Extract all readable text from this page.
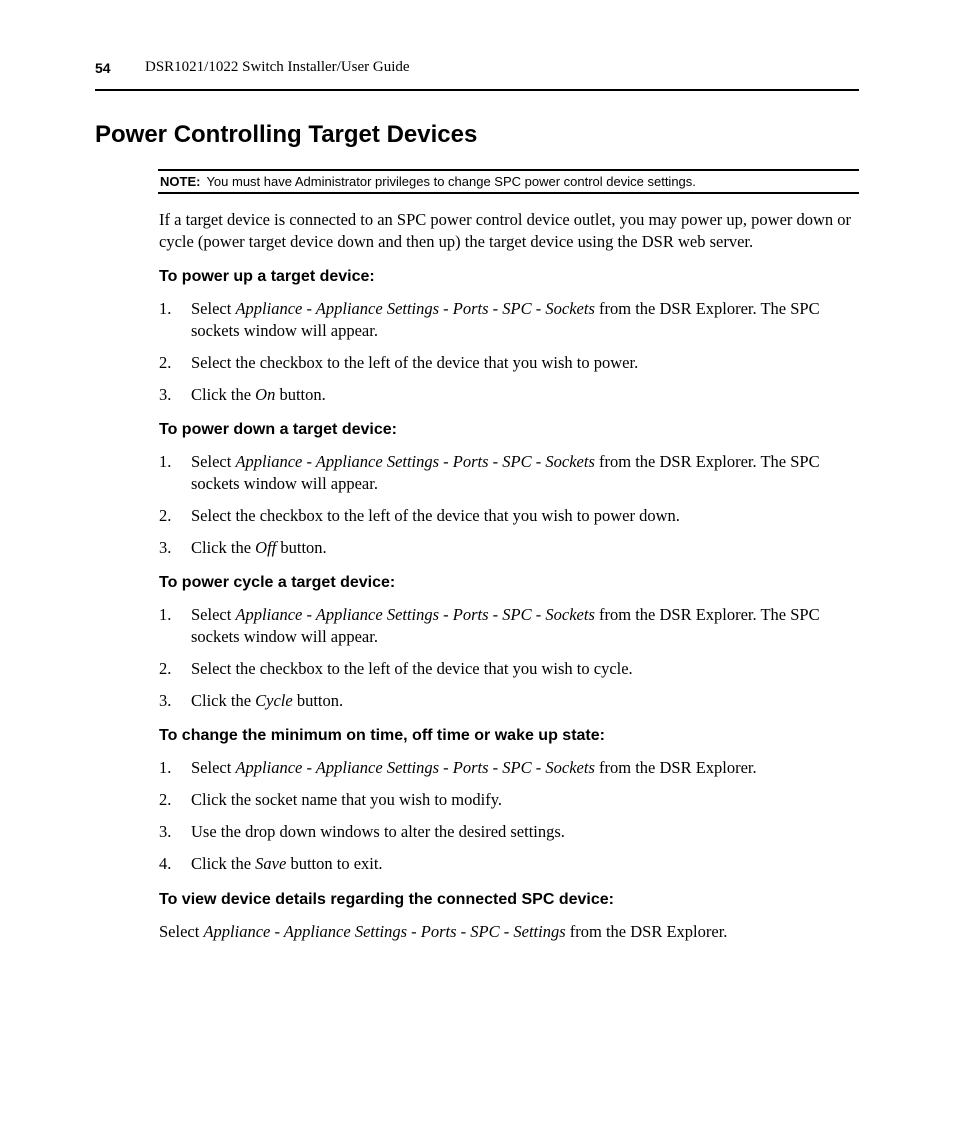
54 DSR1021/1022 Switch Installer/User Guide
Power Controlling Target Devices
NOTE: You must have Administrator privileges to change SPC power control device settings.

If a target device is connected to an SPC power control device outlet, you may power up, power down or cycle (power target device down and then up) the target device using the DSR web server.

To power up a target device:

1. Select Appliance - Appliance Settings - Ports - SPC - Sockets from the DSR Explorer. The SPC sockets window will appear.
2. Select the checkbox to the left of the device that you wish to power.
3. Click the On button.

To power down a target device:

1. Select Appliance - Appliance Settings - Ports - SPC - Sockets from the DSR Explorer. The SPC sockets window will appear.
2. Select the checkbox to the left of the device that you wish to power down.
3. Click the Off button.

To power cycle a target device:

1. Select Appliance - Appliance Settings - Ports - SPC - Sockets from the DSR Explorer. The SPC sockets window will appear.
2. Select the checkbox to the left of the device that you wish to cycle.
3. Click the Cycle button.

To change the minimum on time, off time or wake up state:

1. Select Appliance - Appliance Settings - Ports - SPC - Sockets from the DSR Explorer.
2. Click the socket name that you wish to modify.
3. Use the drop down windows to alter the desired settings.
4. Click the Save button to exit.

To view device details regarding the connected SPC device:

Select Appliance - Appliance Settings - Ports - SPC - Settings from the DSR Explorer.
